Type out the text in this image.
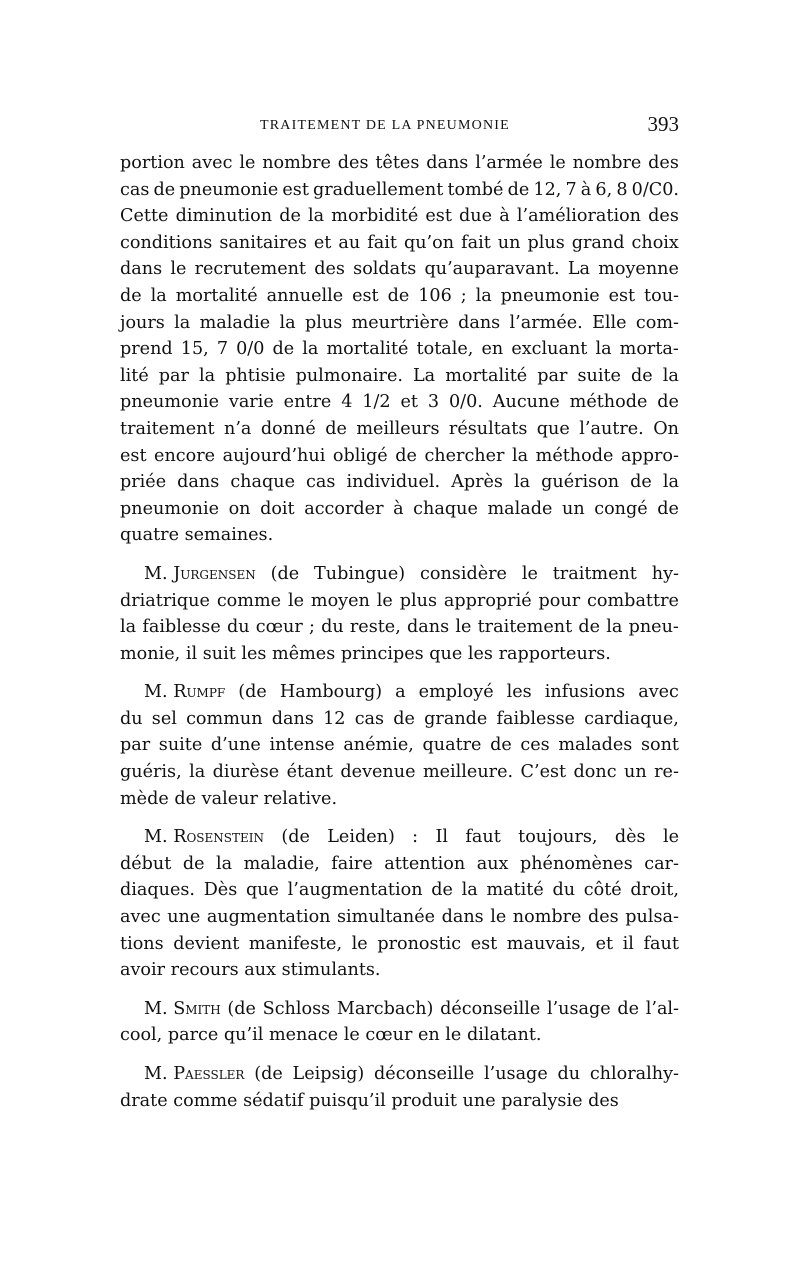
TRAITEMENT DE LA PNEUMONIE	393
portion avec le nombre des têtes dans l’armée le nombre des
cas de pneumonie est graduellement tombé de 12, 7 à 6, 8 0/C0.
Cette diminution de la morbidité est due à l’amélioration des
conditions sanitaires et au fait qu’on fait un plus grand choix
dans le recrutement des soldats qu’auparavant. La moyenne
de la mortalité annuelle est de 106 ; la pneumonie est tou-
jours la maladie la plus meurtrière dans l’armée. Elle com-
prend 15, 7 0/0 de la mortalité totale, en excluant la morta-
lité par la phtisie pulmonaire. La mortalité par suite de la
pneumonie varie entre 4 1/2 et 3 0/0. Aucune méthode de
traitement n’a donné de meilleurs résultats que l’autre. On
est encore aujourd’hui obligé de chercher la méthode appro-
priée dans chaque cas individuel. Après la guérison de la
pneumonie on doit accorder à chaque malade un congé de
quatre
semaines.
M. Jurgensen (de Tubingue) considère le traitment hy-
driatrique comme le moyen le plus approprié pour combattre
la faiblesse du cœur ; du reste, dans le traitement de la pneu-
monie,
il
suit
les
mêmes
principes
que
les
rapporteurs.
M. Rumpf (de Hambourg) a employé les infusions avec
du sel commun dans 12 cas de grande faiblesse cardiaque,
par suite d’une intense anémie, quatre de ces malades sont
guéris, la diurèse étant devenue meilleure. C’est donc un re-
mède
de
valeur
relative.
M. Rosenstein (de Leiden) : Il faut toujours, dès le
début de la maladie, faire attention aux phénomènes car-
diaques. Dès que l’augmentation de la matité du côté droit,
avec une augmentation simultanée dans le nombre des pulsa-
tions devient manifeste, le pronostic est mauvais, et il faut
avoir
recours
aux
stimulants.
M. Smith (de Schloss Marcbach) déconseille l’usage de l’al-
cool,
parce
qu’il
menace
le
cœur
en
le
dilatant.
M. Paessler (de Leipsig) déconseille l’usage du chloralhy-
drate
comme
sédatif
puisqu’il
produit
une
paralysie
des
